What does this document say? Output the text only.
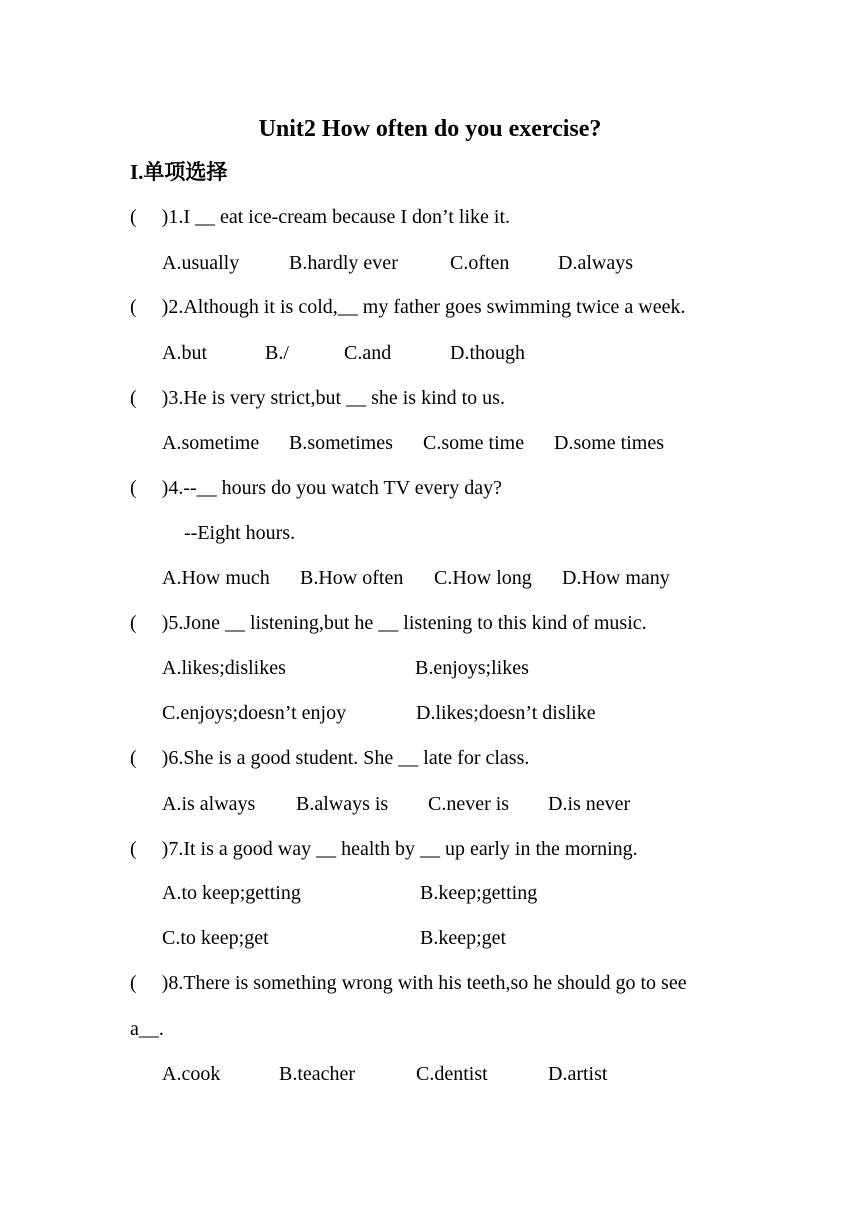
Unit2 How often do you exercise?
I.单项选择
(     )1.I __ eat ice-cream because I don’t like it.
A.usually B.hardly ever	C.often D.always
(     )2.Although it is cold,__ my father goes swimming twice a week.
A.but	B./	C.and	D.though
(     )3.He is very strict,but __ she is kind to us.
A.sometime B.sometimes C.some time D.some times
(     )4.--__ hours do you watch TV every day?
--Eight hours.
A.How much B.How often C.How long D.How many
(     )5.Jone __ listening,but he __ listening to this kind of music.
A.likes;dislikes	B.enjoys;likes
C.enjoys;doesn’t enjoy	D.likes;doesn’t dislike
(     )6.She is a good student. She __ late for class.
A.is always B.always is C.never is D.is never
(     )7.It is a good way __ health by __ up early in the morning.
A.to keep;getting	B.keep;getting
C.to keep;get	B.keep;get
(     )8.There is something wrong with his teeth,so he should go to see
a__.
A.cook	B.teacher	C.dentist	D.artist
